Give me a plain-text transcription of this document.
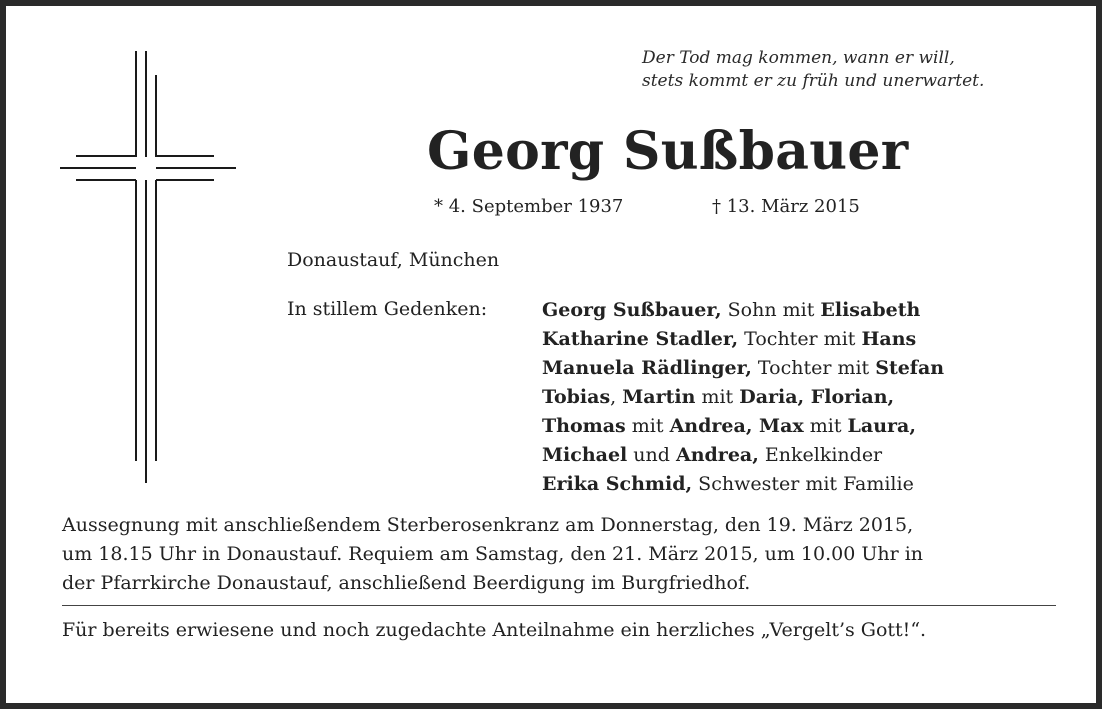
Der Tod mag kommen, wann er will,
stets kommt er zu früh und unerwartet.
Georg Sußbauer
* 4. September 1937	† 13. März 2015
Donaustauf, München
In stillem Gedenken:	Georg Sußbauer, Sohn mit Elisabeth
Katharine Stadler, Tochter mit Hans
Manuela Rädlinger, Tochter mit Stefan
Tobias, Martin mit Daria, Florian,
Thomas mit Andrea, Max mit Laura,
Michael und Andrea, Enkelkinder
Erika Schmid, Schwester mit Familie
Aussegnung mit anschließendem Sterberosenkranz am Donnerstag, den 19. März 2015,
um 18.15 Uhr in Donaustauf. Requiem am Samstag, den 21. März 2015, um 10.00 Uhr in
der Pfarrkirche Donaustauf, anschließend Beerdigung im Burgfriedhof.
Für bereits erwiesene und noch zugedachte Anteilnahme ein herzliches „Vergelt’s Gott!“.
